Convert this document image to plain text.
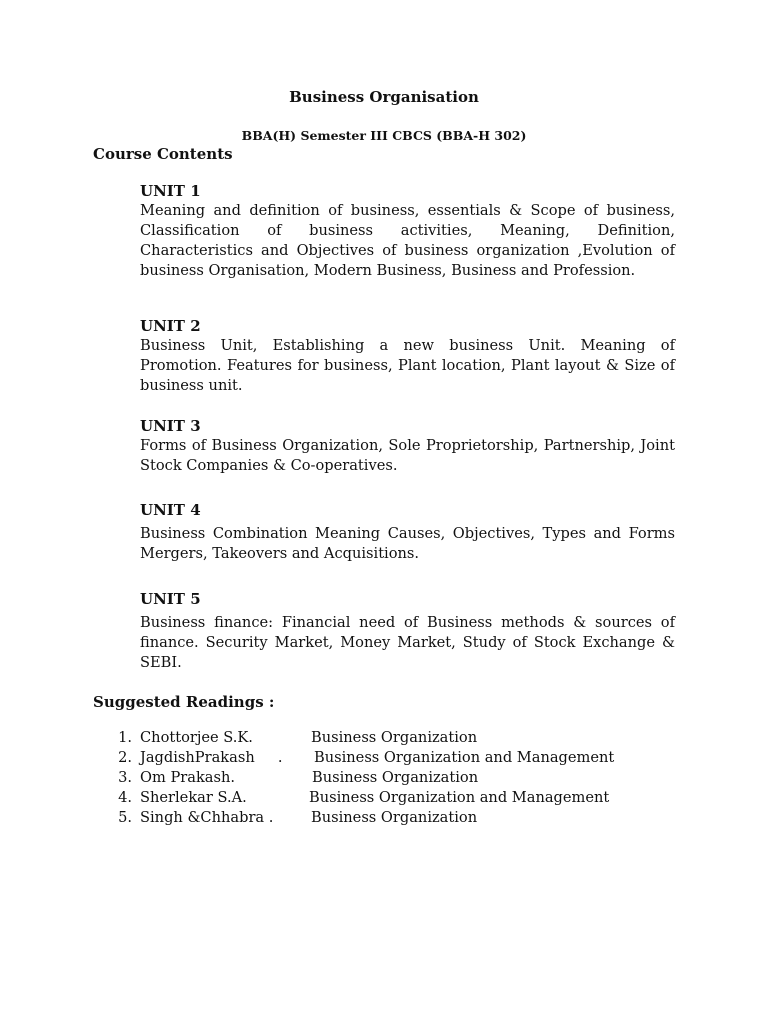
Business Organisation
BBA(H) Semester III CBCS (BBA-H 302)
Course Contents
UNIT 1
Meaning and definition of business, essentials & Scope of business, Classification of business activities, Meaning, Definition, Characteristics and Objectives of business organization ,Evolution of business Organisation, Modern Business, Business and Profession.
UNIT 2
Business Unit, Establishing a new business Unit. Meaning of Promotion. Features for business, Plant location, Plant layout & Size of business unit.
UNIT 3
Forms of Business Organization, Sole Proprietorship, Partnership, Joint Stock Companies & Co-operatives.
UNIT 4
Business Combination Meaning Causes, Objectives, Types and Forms Mergers, Takeovers and Acquisitions.
UNIT 5
Business finance: Financial need of Business methods & sources of finance. Security Market, Money Market, Study of Stock Exchange & SEBI.
Suggested Readings :
1. Chottorjee S.K.	Business Organization
2. JagdishPrakash     . Business Organization and Management
3. Om Prakash.	Business Organization
4. Sherlekar S.A.	Business Organization and Management
5. Singh &Chhabra .	Business Organization
